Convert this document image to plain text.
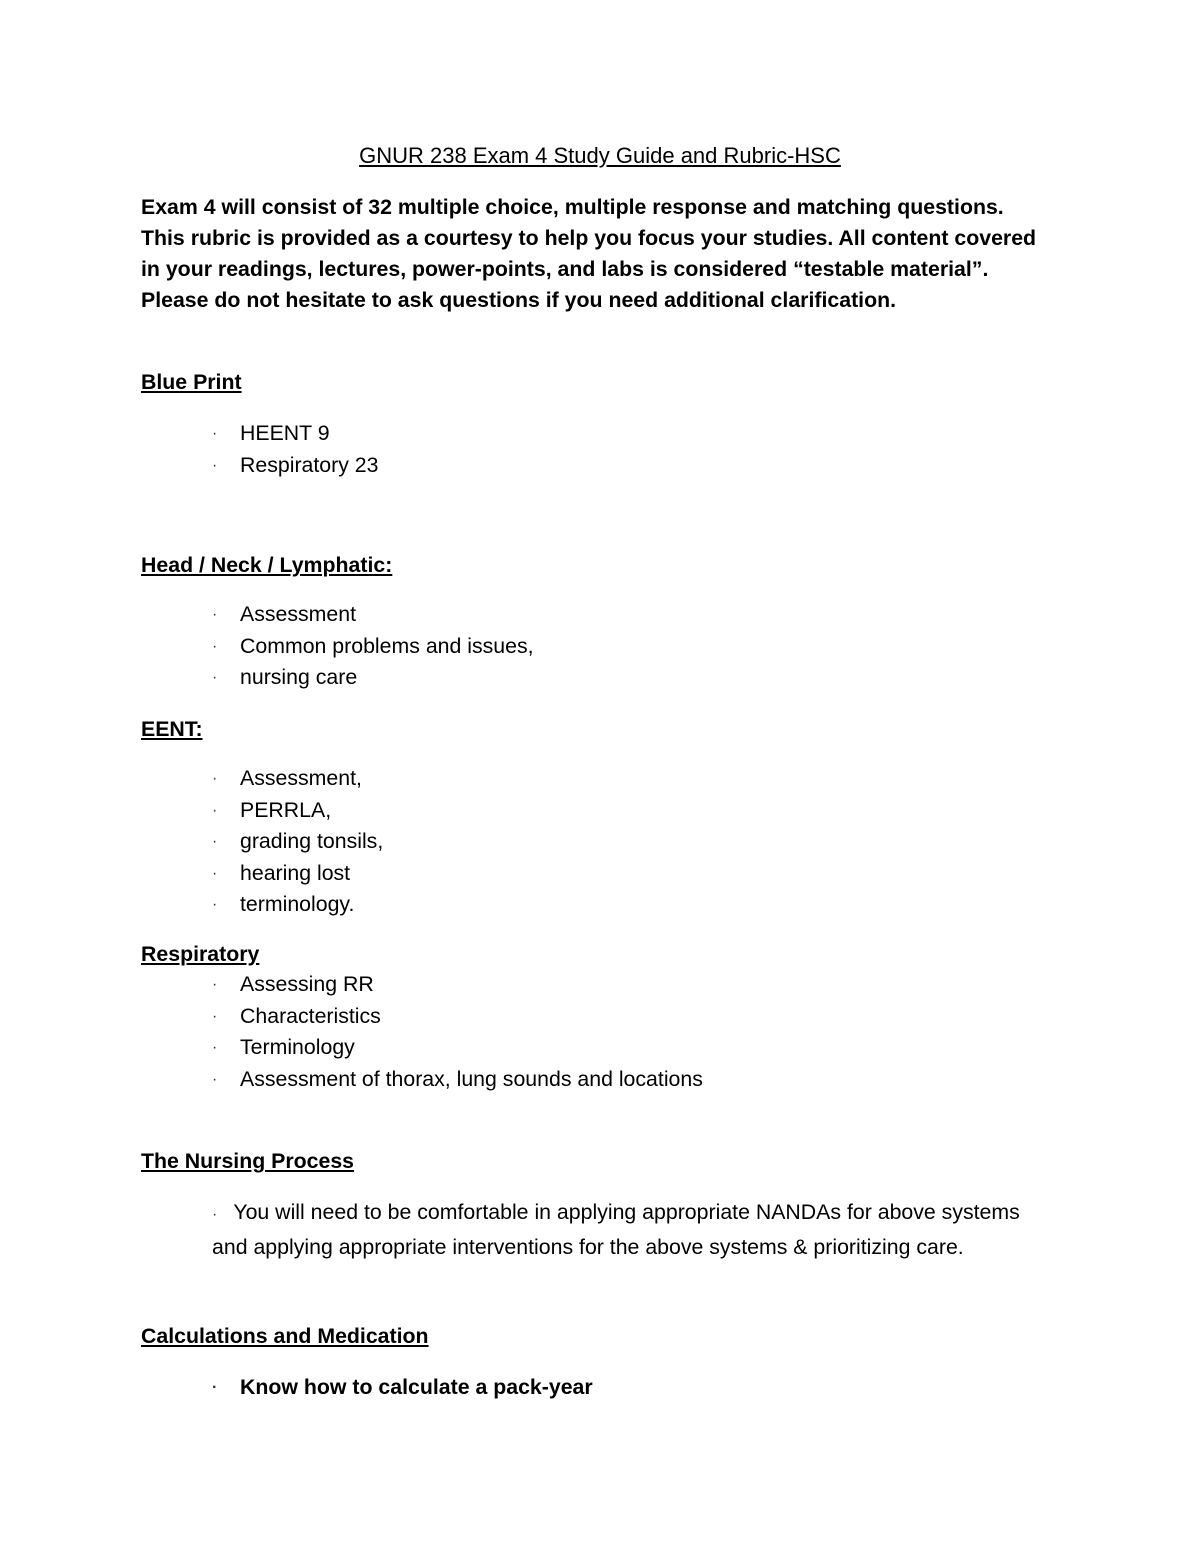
GNUR 238 Exam 4 Study Guide and Rubric-HSC

Exam 4 will consist of 32 multiple choice, multiple response and matching questions. This rubric is provided as a courtesy to help you focus your studies. All content covered in your readings, lectures, power-points, and labs is considered “testable material”. Please do not hesitate to ask questions if you need additional clarification.

Blue Print
· HEENT 9
· Respiratory 23
Head / Neck / Lymphatic:
· Assessment
· Common problems and issues,
· nursing care
EENT:
· Assessment,
· PERRLA,
· grading tonsils,
· hearing lost
· terminology.
Respiratory
· Assessing RR
· Characteristics
· Terminology
· Assessment of thorax, lung sounds and locations
The Nursing Process

· You will need to be comfortable in applying appropriate NANDAs for above systems and applying appropriate interventions for the above systems & prioritizing care.

Calculations and Medication
· Know how to calculate a pack-year
